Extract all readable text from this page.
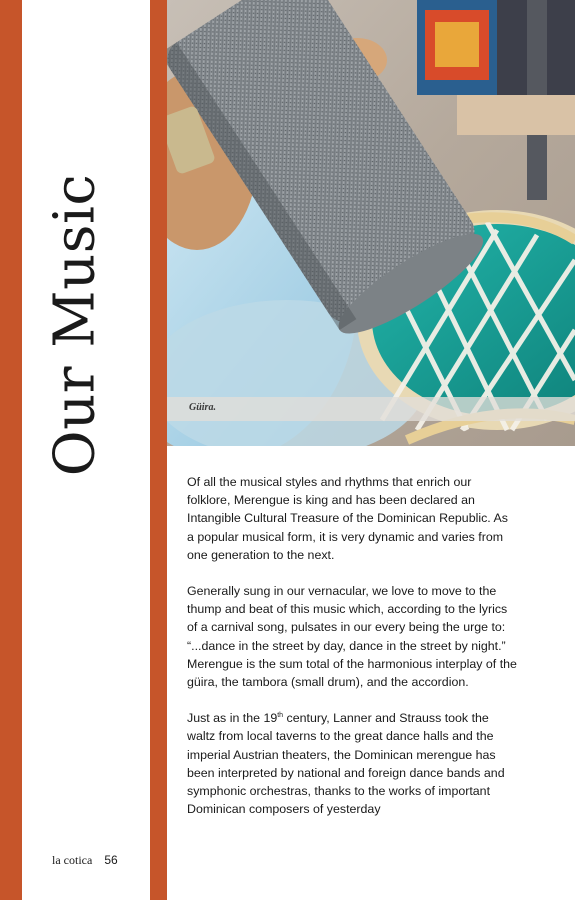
Our Music	Güira.

Of all the musical styles and rhythms that enrich our folklore, Merengue is king and has been declared an Intangible Cultural Treasure of the Dominican Republic. As a popular musical form, it is very dynamic and varies from one generation to the next.

Generally sung in our vernacular, we love to move to the thump and beat of this music which, according to the lyrics of a carnival song, pulsates in our every being the urge to: “...dance in the street by day, dance in the street by night.” Merengue is the sum total of the harmonious interplay of the güira, the tambora (small drum), and the accordion.

Just as in the 19th century, Lanner and Strauss took the waltz from local taverns to the great dance halls and the imperial Austrian theaters, the Dominican merengue has been interpreted by national and foreign dance bands and symphonic orchestras, thanks to the works of important Dominican composers of yesterday

la cotica 56
